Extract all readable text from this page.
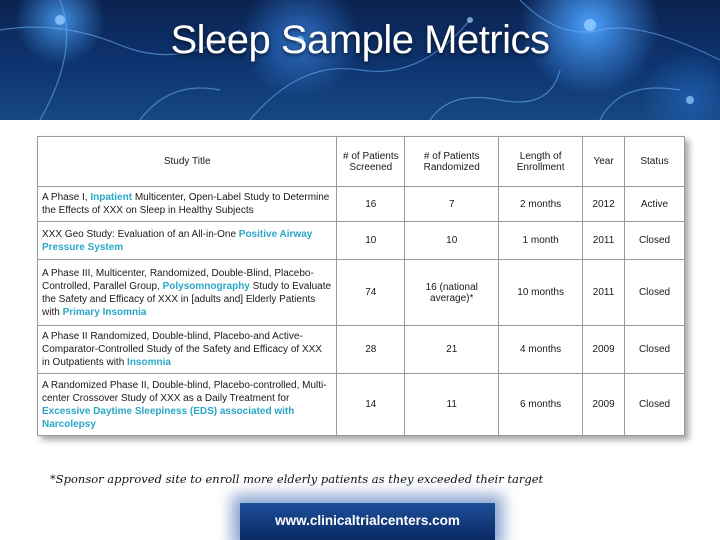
Sleep Sample Metrics
Study Title	# of Patients Screened	# of Patients Randomized	Length of Enrollment	Year	Status
A Phase I, Inpatient Multicenter, Open-Label Study to Determine the Effects of XXX on Sleep in Healthy Subjects	16	7	2 months	2012	Active
XXX Geo Study: Evaluation of an All-in-One Positive Airway Pressure System	10	10	1 month	2011	Closed
A Phase III, Multicenter, Randomized, Double-Blind, Placebo-Controlled, Parallel Group, Polysomnography Study to Evaluate the Safety and Efficacy of XXX in [adults and] Elderly Patients with Primary Insomnia	74	16 (national average)*	10 months	2011	Closed
A Phase II Randomized, Double-blind, Placebo-and Active-Comparator-Controlled Study of the Safety and Efficacy of XXX in Outpatients with Insomnia	28	21	4 months	2009	Closed
A Randomized Phase II, Double-blind, Placebo-controlled, Multi-center Crossover Study of XXX as a Daily Treatment for Excessive Daytime Sleepiness (EDS) associated with Narcolepsy	14	11	6 months	2009	Closed
*Sponsor approved site to enroll more elderly patients as they exceeded their target
www.clinicaltrialcenters.com
